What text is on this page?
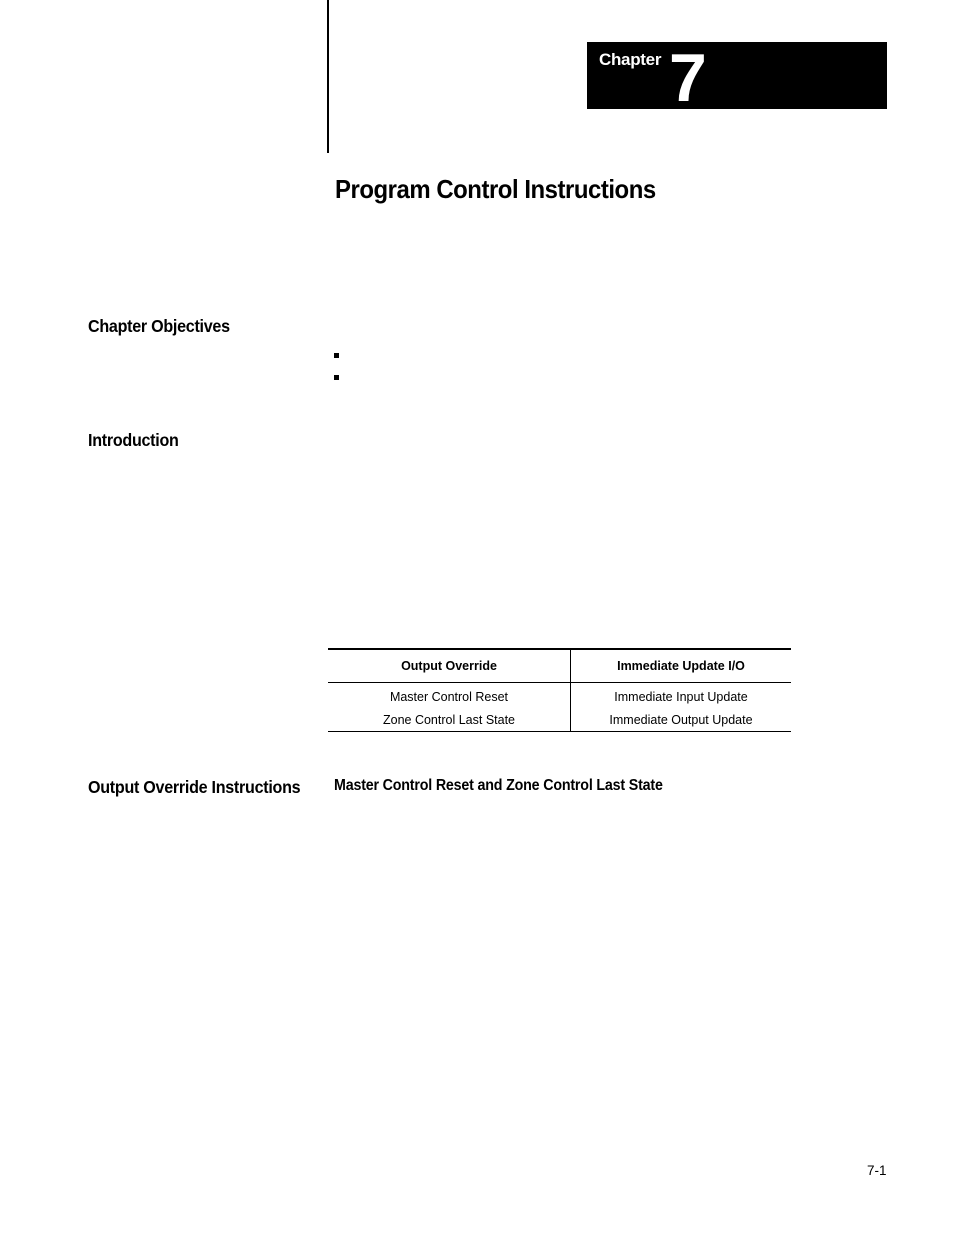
Chapter 7
Program Control Instructions
Chapter Objectives
Introduction
Output Override	Immediate Update I/O
Master Control Reset	Immediate Input Update
Zone Control Last State	Immediate Output Update
Output Override Instructions Master Control Reset and Zone Control Last State
7-1
